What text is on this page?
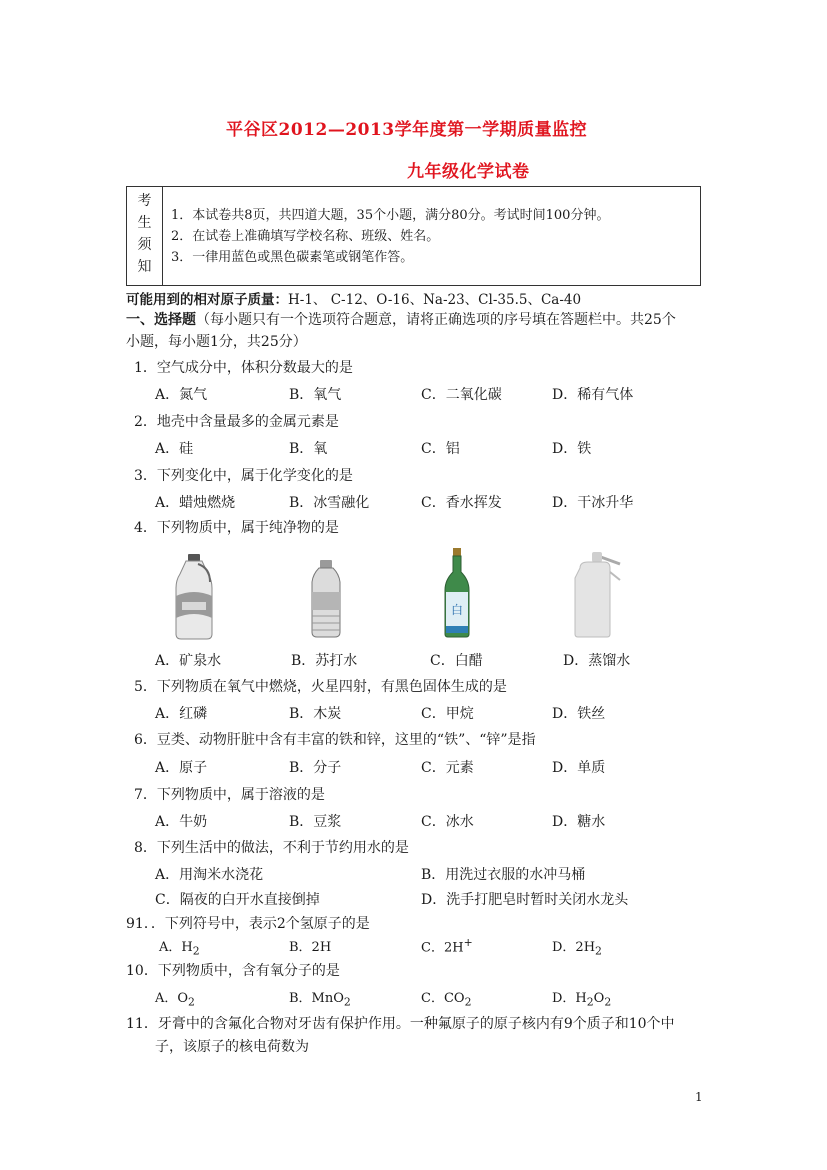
平谷区2012—2013学年度第一学期质量监控
九年级化学试卷
考
生
须
知
1．本试卷共8页，共四道大题，35个小题，满分80分。考试时间100分钟。
2．在试卷上准确填写学校名称、班级、姓名。
3．一律用蓝色或黑色碳素笔或钢笔作答。
可能用到的相对原子质量：H-1、 C-12、O-16、Na-23、Cl-35.5、Ca-40
一、选择题（每小题只有一个选项符合题意，请将正确选项的序号填在答题栏中。共25个
小题，每小题1分，共25分）
1．空气成分中，体积分数最大的是
A．氮气	B．氧气	C．二氧化碳	D．稀有气体
2．地壳中含量最多的金属元素是
A．硅	B．氧	C．铝	D．铁
3．下列变化中，属于化学变化的是
A．蜡烛燃烧	B．冰雪融化	C．香水挥发	D．干冰升华
4．下列物质中，属于纯净物的是
白
A．矿泉水	B．苏打水	C．白醋	D．蒸馏水
5．下列物质在氧气中燃烧，火星四射，有黑色固体生成的是
A．红磷	B．木炭	C．甲烷	D．铁丝
6．豆类、动物肝脏中含有丰富的铁和锌，这里的“铁”、“锌”是指
A．原子	B．分子	C．元素	D．单质
7．下列物质中，属于溶液的是
A．牛奶	B．豆浆	C．冰水	D．糖水
8．下列生活中的做法，不利于节约用水的是
A．用淘米水浇花	B．用洗过衣服的水冲马桶
C．隔夜的白开水直接倒掉	D．洗手打肥皂时暂时关闭水龙头
91．．下列符号中，表示2个氢原子的是
A．$H_2$	B．2H	C．2H+	D．$2H_2$
10．下列物质中，含有氧分子的是
A．$O_2$	B．MnO$_2$	C．$CO_2$	D．$H_2O_2$
11．牙膏中的含氟化合物对牙齿有保护作用。一种氟原子的原子核内有9个质子和10个中
子，该原子的核电荷数为
1
